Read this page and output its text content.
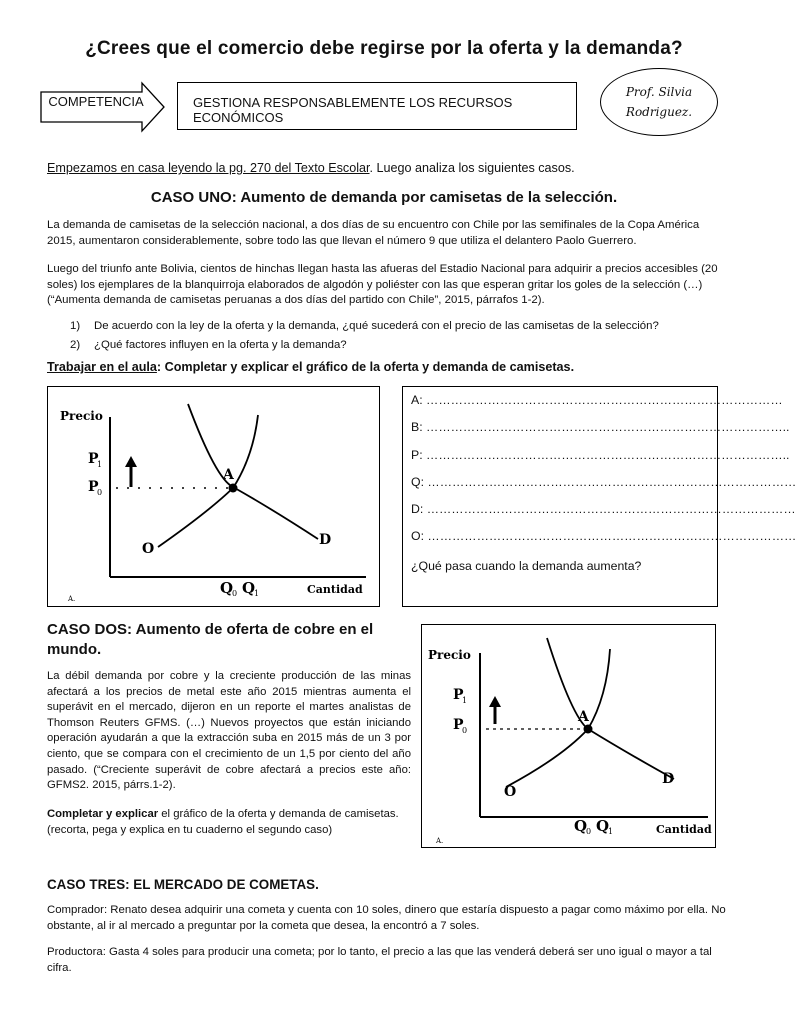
¿Crees que el comercio debe regirse por la oferta y la demanda?
COMPETENCIA	GESTIONA RESPONSABLEMENTE LOS RECURSOS ECONÓMICOS
Prof. Silvia
Rodriguez.
Empezamos en casa leyendo la pg. 270 del Texto Escolar. Luego analiza los siguientes casos.
CASO UNO: Aumento de demanda por camisetas de la selección.
La demanda de camisetas de la selección nacional, a dos días de su encuentro con Chile por las semifinales de la Copa América 2015, aumentaron considerablemente, sobre todo las que llevan el número 9 que utiliza el delantero Paolo Guerrero.
Luego del triunfo ante Bolivia, cientos de hinchas llegan hasta las afueras del Estadio Nacional para adquirir a precios accesibles (20 soles) los ejemplares de la blanquirroja elaborados de algodón y poliéster con las que esperan gritar los goles de la selección (…) (“Aumenta demanda de camisetas peruanas a dos días del partido con Chile”, 2015, párrafos 1-2).
1)	De acuerdo con la ley de la oferta y la demanda, ¿qué sucederá con el precio de las camisetas de la selección?
2)	¿Qué factores influyen en la oferta y la demanda?
Trabajar en el aula: Completar y explicar el gráfico de la oferta y demanda de camisetas.
Precio
P
1
P
0
A
O
D
Q
0 Q
1	Cantidad
A.
A: ……………………………………………………………………………
B: ……………………………………………………………………………..
P: ……………………………………………………………………………..
Q: ………………………………………………………………………………
D: ………………………………………………………………………………
O: ………………………………………………………………………………
¿Qué pasa cuando la demanda aumenta?
CASO DOS: Aumento de oferta de cobre en el mundo.
La débil demanda por cobre y la creciente producción de las minas afectará a los precios de metal este año 2015 mientras aumenta el superávit en el mercado, dijeron en un reporte el martes analistas de Thomson Reuters GFMS. (…) Nuevos proyectos que están iniciando operación ayudarán a que la extracción suba en 2015 más de un 3 por ciento, que se compara con el crecimiento de un 1,5 por ciento del año pasado. (“Creciente superávit de cobre afectará a precios este año: GFMS2. 2015, párrs.1-2).
Completar y explicar el gráfico de la oferta y demanda de camisetas.
(recorta, pega y explica en tu cuaderno el segundo caso)
Precio
P
1
P
0
A
O
D
Q
0 Q
1	Cantidad
A.
CASO TRES: EL MERCADO DE COMETAS.
Comprador: Renato desea adquirir una cometa y cuenta con 10 soles, dinero que estaría dispuesto a pagar como máximo por ella. No obstante, al ir al mercado a preguntar por la cometa que desea, la encontró a 7 soles.
Productora: Gasta 4 soles para producir una cometa; por lo tanto, el precio a las que las venderá deberá ser uno igual o mayor a tal cifra.
